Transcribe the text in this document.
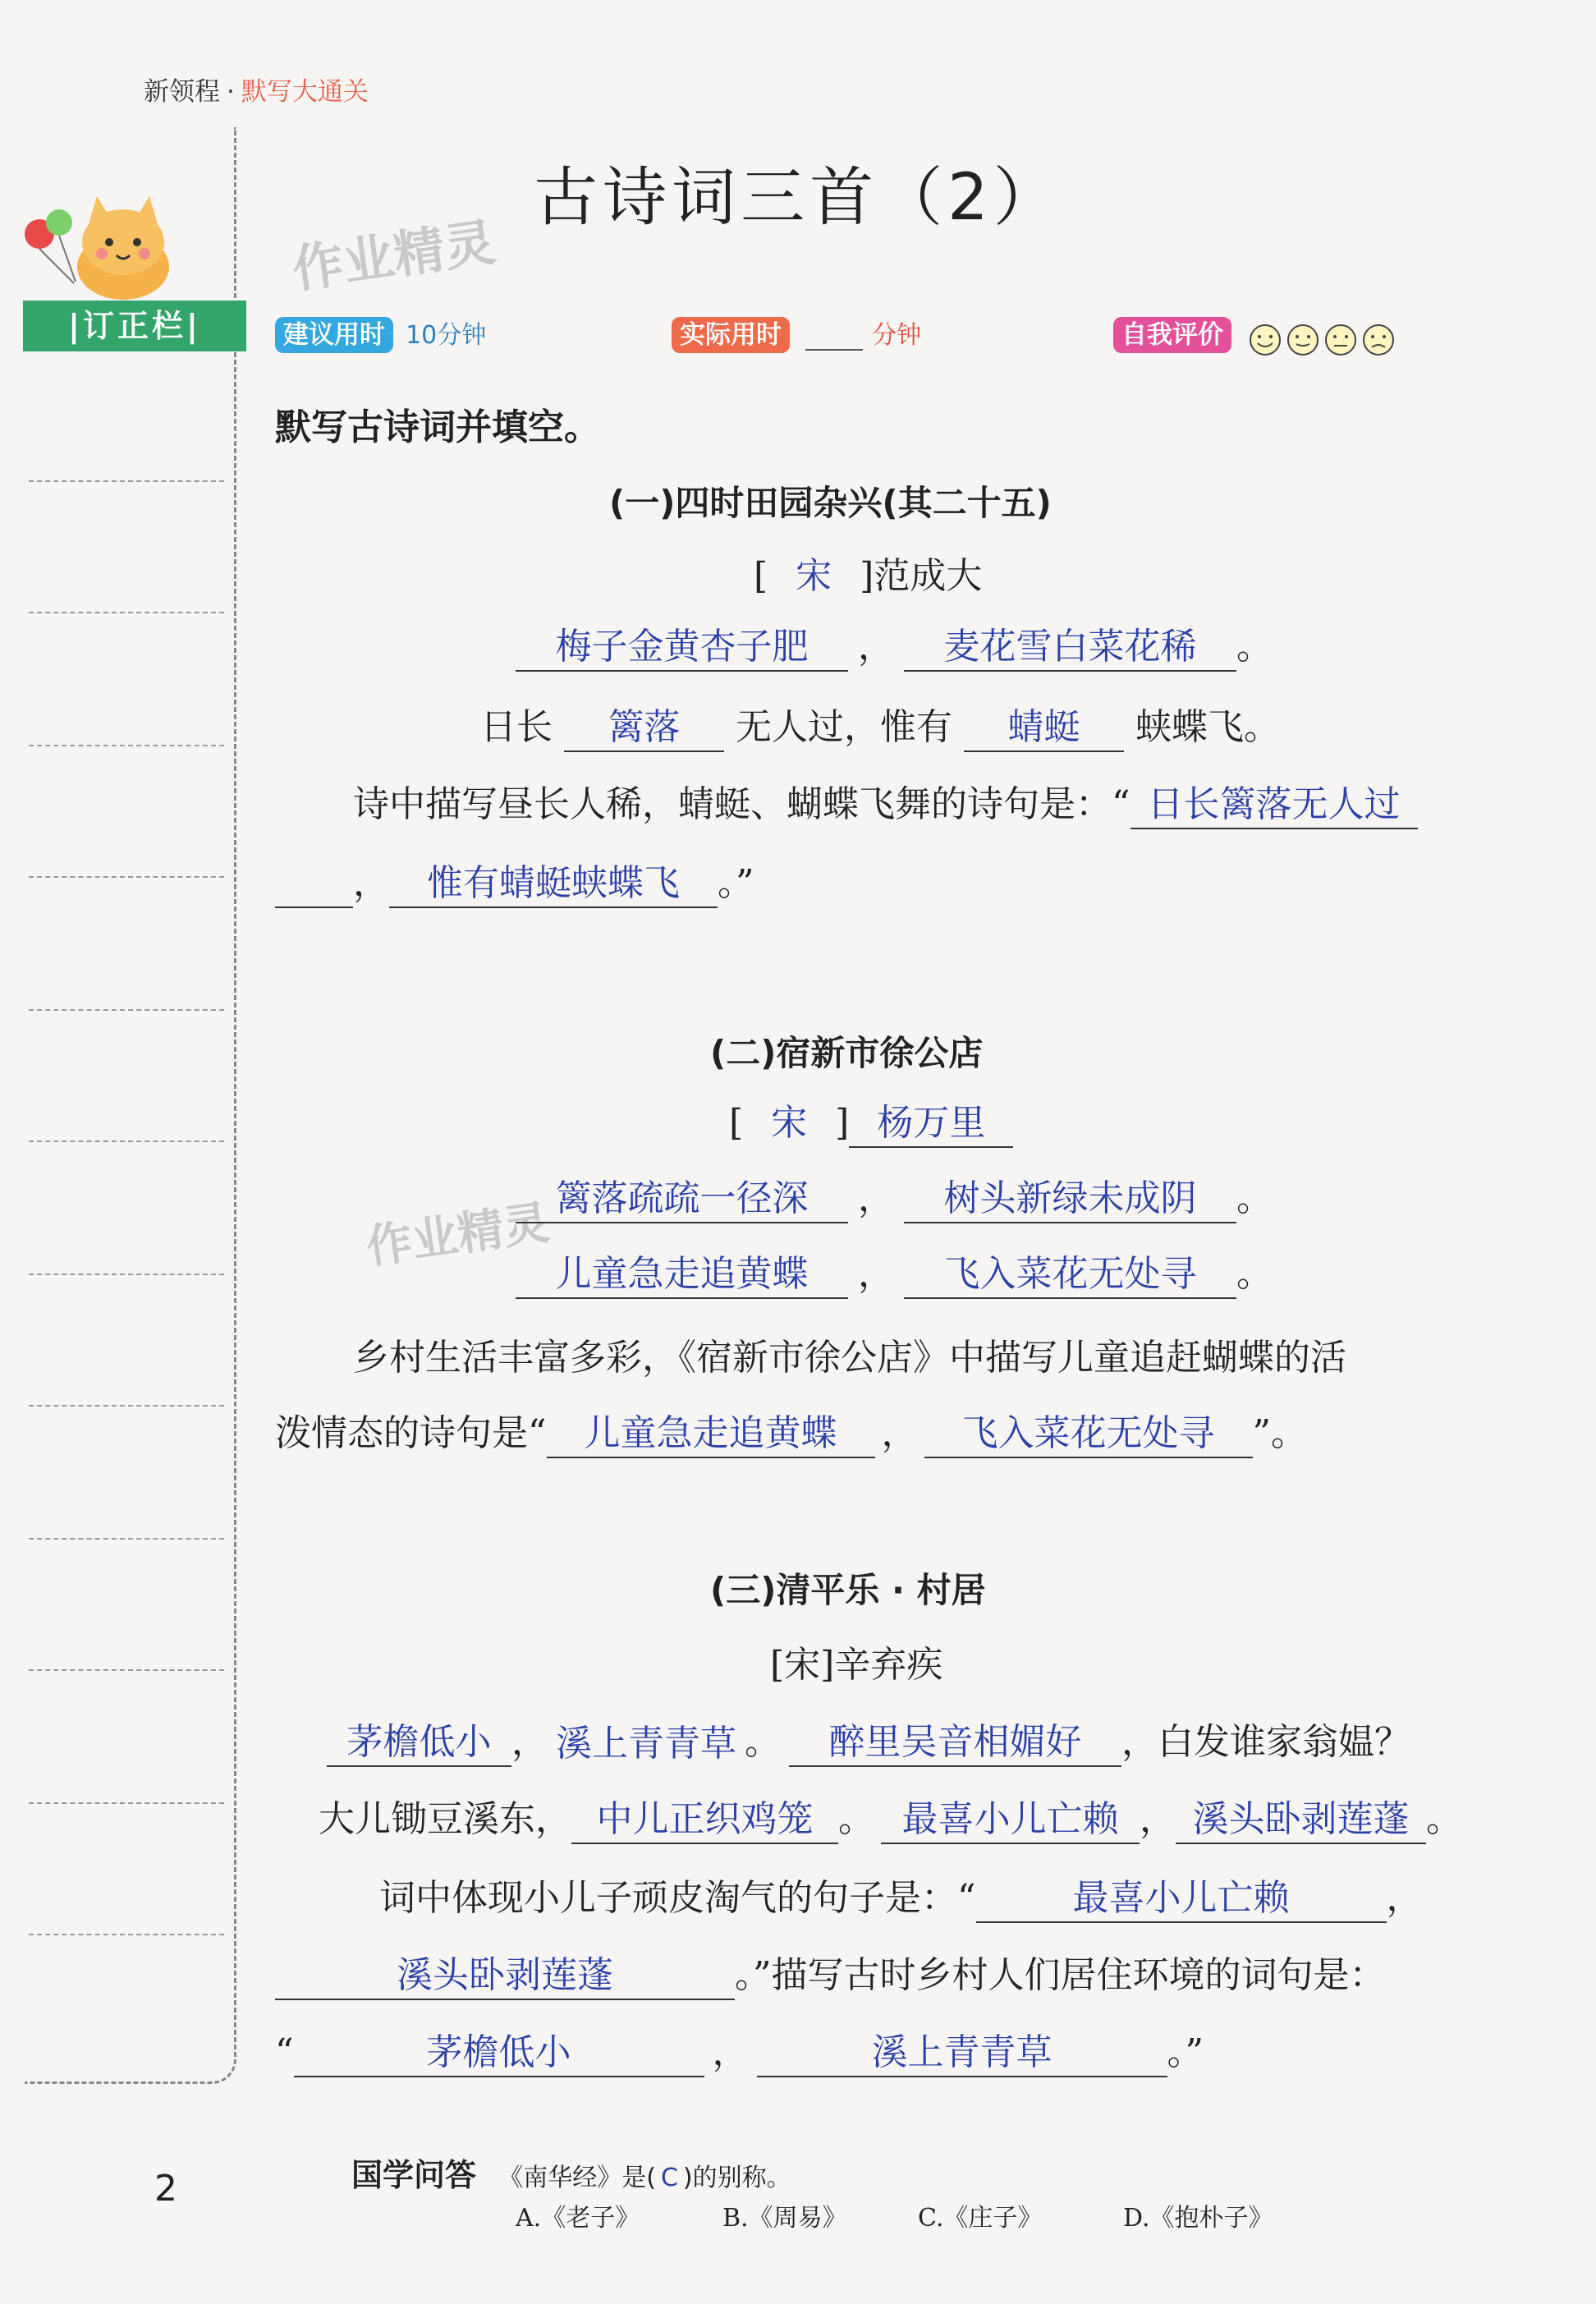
新领程 · 默写大通关
|订正栏|
作业精灵
作业精灵
古诗词三首（2）
建议用时 10分钟	实际用时	分钟	自我评价
默写古诗词并填空。
(一)四时田园杂兴(其二十五)
[ 宋 ]范成大
梅子金黄杏子肥 ， 麦花雪白菜花稀 。
日长 篱落 无人过，惟有 蜻蜓 蛱蝶飞。
诗中描写昼长人稀，蜻蜓、蝴蝶飞舞的诗句是：“ 日长篱落无人过
， 惟有蜻蜓蛱蝶飞 。”
(二)宿新市徐公店
[ 宋 ] 杨万里
篱落疏疏一径深 ， 树头新绿未成阴 。
儿童急走追黄蝶 ， 飞入菜花无处寻 。
乡村生活丰富多彩，《宿新市徐公店》中描写儿童追赶蝴蝶的活
泼情态的诗句是“ 儿童急走追黄蝶 ， 飞入菜花无处寻 ”。
(三)清平乐 · 村居
[宋]辛弃疾
茅檐低小 ， 溪上青青草 。 醉里吴音相媚好 ，白发谁家翁媪？
大儿锄豆溪东， 中儿正织鸡笼 。 最喜小儿亡赖 ， 溪头卧剥莲蓬 。
词中体现小儿子顽皮淘气的句子是：“	最喜小儿亡赖	，
溪头卧剥莲蓬	。”描写古时乡村人们居住环境的词句是：
“	茅檐低小	，	溪上青青草	。”
2	国学问答 《南华经》是( C )的别称。
A.《老子》	B.《周易》	C.《庄子》	D.《抱朴子》
